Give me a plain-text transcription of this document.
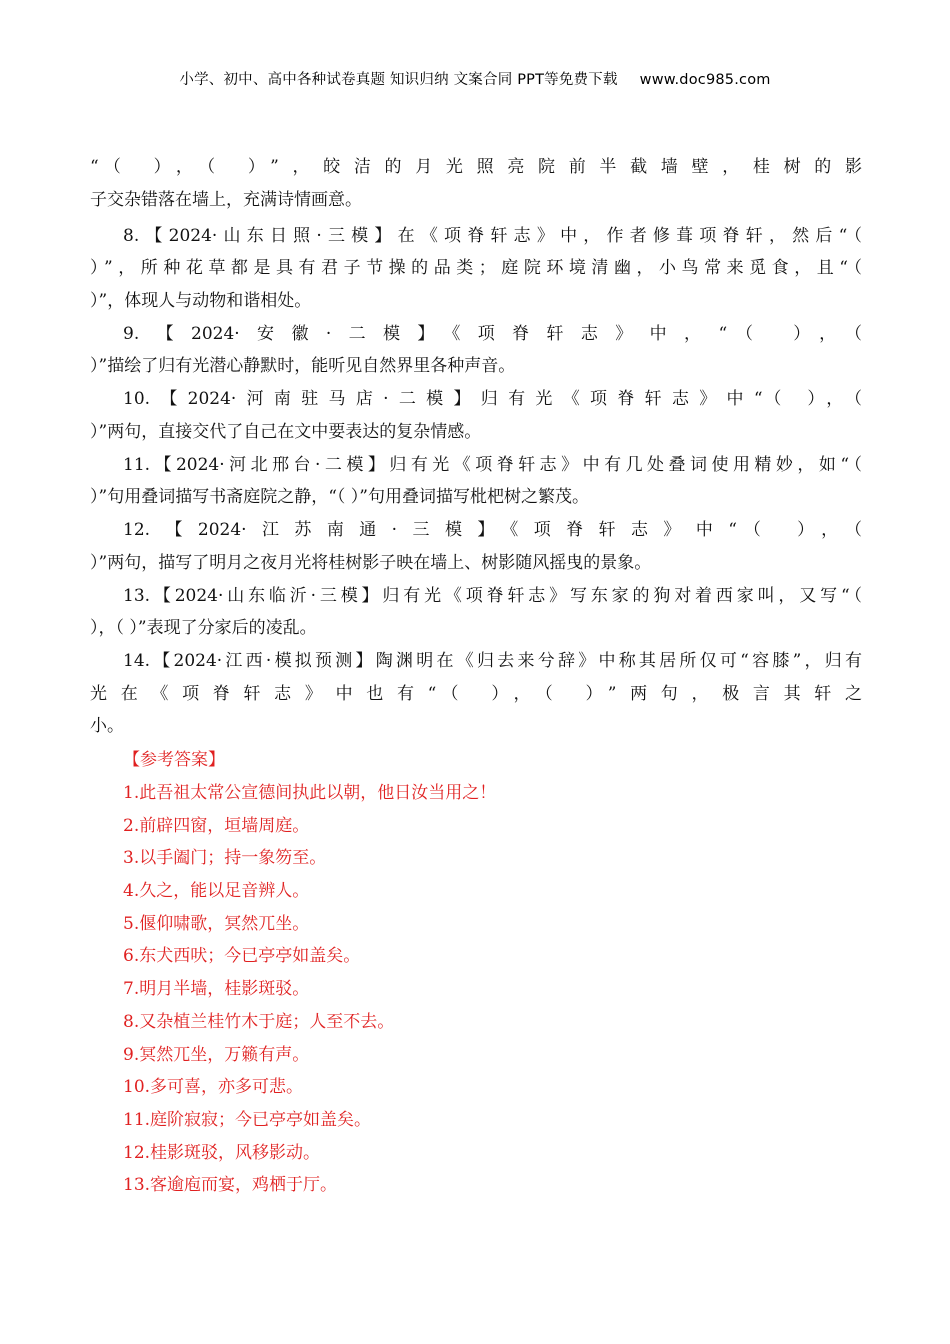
小学、初中、高中各种试卷真题 知识归纳 文案合同 PPT等免费下载 www.doc985.com
“（ ），（ ）”，皎洁的月光照亮院前半截墙壁，桂树的影
子交杂错落在墙上，充满诗情画意。
8.【2024·山东日照·三模】在《项脊轩志》中，作者修葺项脊轩，然后“（
）”，所种花草都是具有君子节操的品类；庭院环境清幽，小鸟常来觅食，且“（
）”，体现人与动物和谐相处。
9.【2024·安徽·二模】《项脊轩志》中，“（ ），（
）”描绘了归有光潜心静默时，能听见自然界里各种声音。
10.【2024·河南驻马店·二模】归有光《项脊轩志》中“（ ），（
）”两句，直接交代了自己在文中要表达的复杂情感。
11.【2024·河北邢台·二模】归有光《项脊轩志》中有几处叠词使用精妙，如“（
）”句用叠词描写书斋庭院之静，“（ ）”句用叠词描写枇杷树之繁茂。
12.【2024·江苏南通·三模】《项脊轩志》中“（ ），（
）”两句，描写了明月之夜月光将桂树影子映在墙上、树影随风摇曳的景象。
13.【2024·山东临沂·三模】归有光《项脊轩志》写东家的狗对着西家叫，又写“（
），（ ）”表现了分家后的凌乱。
14.【2024·江西·模拟预测】陶渊明在《归去来兮辞》中称其居所仅可“容膝”，归有
光在《项脊轩志》中也有“（ ），（ ）”两句，极言其轩之
小。
【参考答案】
1.此吾祖太常公宣德间执此以朝，他日汝当用之！
2.前辟四窗，垣墙周庭。
3.以手阖门；持一象笏至。
4.久之，能以足音辨人。
5.偃仰啸歌，冥然兀坐。
6.东犬西吠；今已亭亭如盖矣。
7.明月半墙，桂影斑驳。
8.又杂植兰桂竹木于庭；人至不去。
9.冥然兀坐，万籁有声。
10.多可喜，亦多可悲。
11.庭阶寂寂；今已亭亭如盖矣。
12.桂影斑驳，风移影动。
13.客逾庖而宴，鸡栖于厅。
